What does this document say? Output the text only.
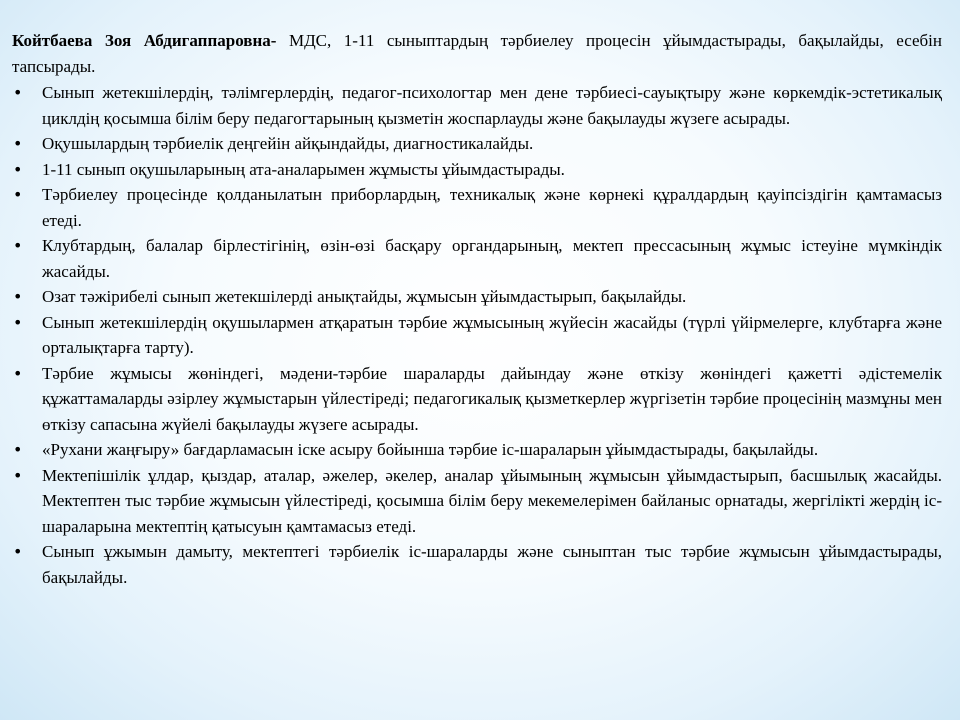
Койтбаева Зоя Абдигаппаровна- МДС, 1-11 сыныптардың тәрбиелеу процесін ұйымдастырады, бақылайды, есебін тапсырады.

• Сынып жетекшілердің, тәлімгерлердің, педагог-психологтар мен дене тәрбиесі-сауықтыру және көркемдік-эстетикалық циклдің қосымша білім беру педагогтарының қызметін жоспарлауды және бақылауды жүзеге асырады.
• Оқушылардың тәрбиелік деңгейін айқындайды, диагностикалайды.
• 1-11 сынып оқушыларының ата-аналарымен жұмысты ұйымдастырады.
• Тәрбиелеу процесінде қолданылатын приборлардың, техникалық және көрнекі құралдардың қауіпсіздігін қамтамасыз етеді.
• Клубтардың, балалар бірлестігінің, өзін-өзі басқару органдарының, мектеп прессасының жұмыс істеуіне мүмкіндік жасайды.
• Озат тәжірибелі сынып жетекшілерді анықтайды, жұмысын ұйымдастырып, бақылайды.
• Сынып жетекшілердің оқушылармен атқаратын тәрбие жұмысының жүйесін жасайды (түрлі үйірмелерге, клубтарға және орталықтарға тарту).
• Тәрбие жұмысы жөніндегі, мәдени-тәрбие шараларды дайындау және өткізу жөніндегі қажетті әдістемелік құжаттамаларды әзірлеу жұмыстарын үйлестіреді; педагогикалық қызметкерлер жүргізетін тәрбие процесінің мазмұны мен өткізу сапасына жүйелі бақылауды жүзеге асырады.
• «Рухани жаңғыру» бағдарламасын іске асыру бойынша тәрбие іс-шараларын ұйымдастырады, бақылайды.
• Мектепішілік ұлдар, қыздар, аталар, әжелер, әкелер, аналар ұйымының жұмысын ұйымдастырып, басшылық жасайды. Мектептен тыс тәрбие жұмысын үйлестіреді, қосымша білім беру мекемелерімен байланыс орнатады, жергілікті жердің іс-шараларына мектептің қатысуын қамтамасыз етеді.
• Сынып ұжымын дамыту, мектептегі тәрбиелік іс-шараларды және сыныптан тыс тәрбие жұмысын ұйымдастырады, бақылайды.
